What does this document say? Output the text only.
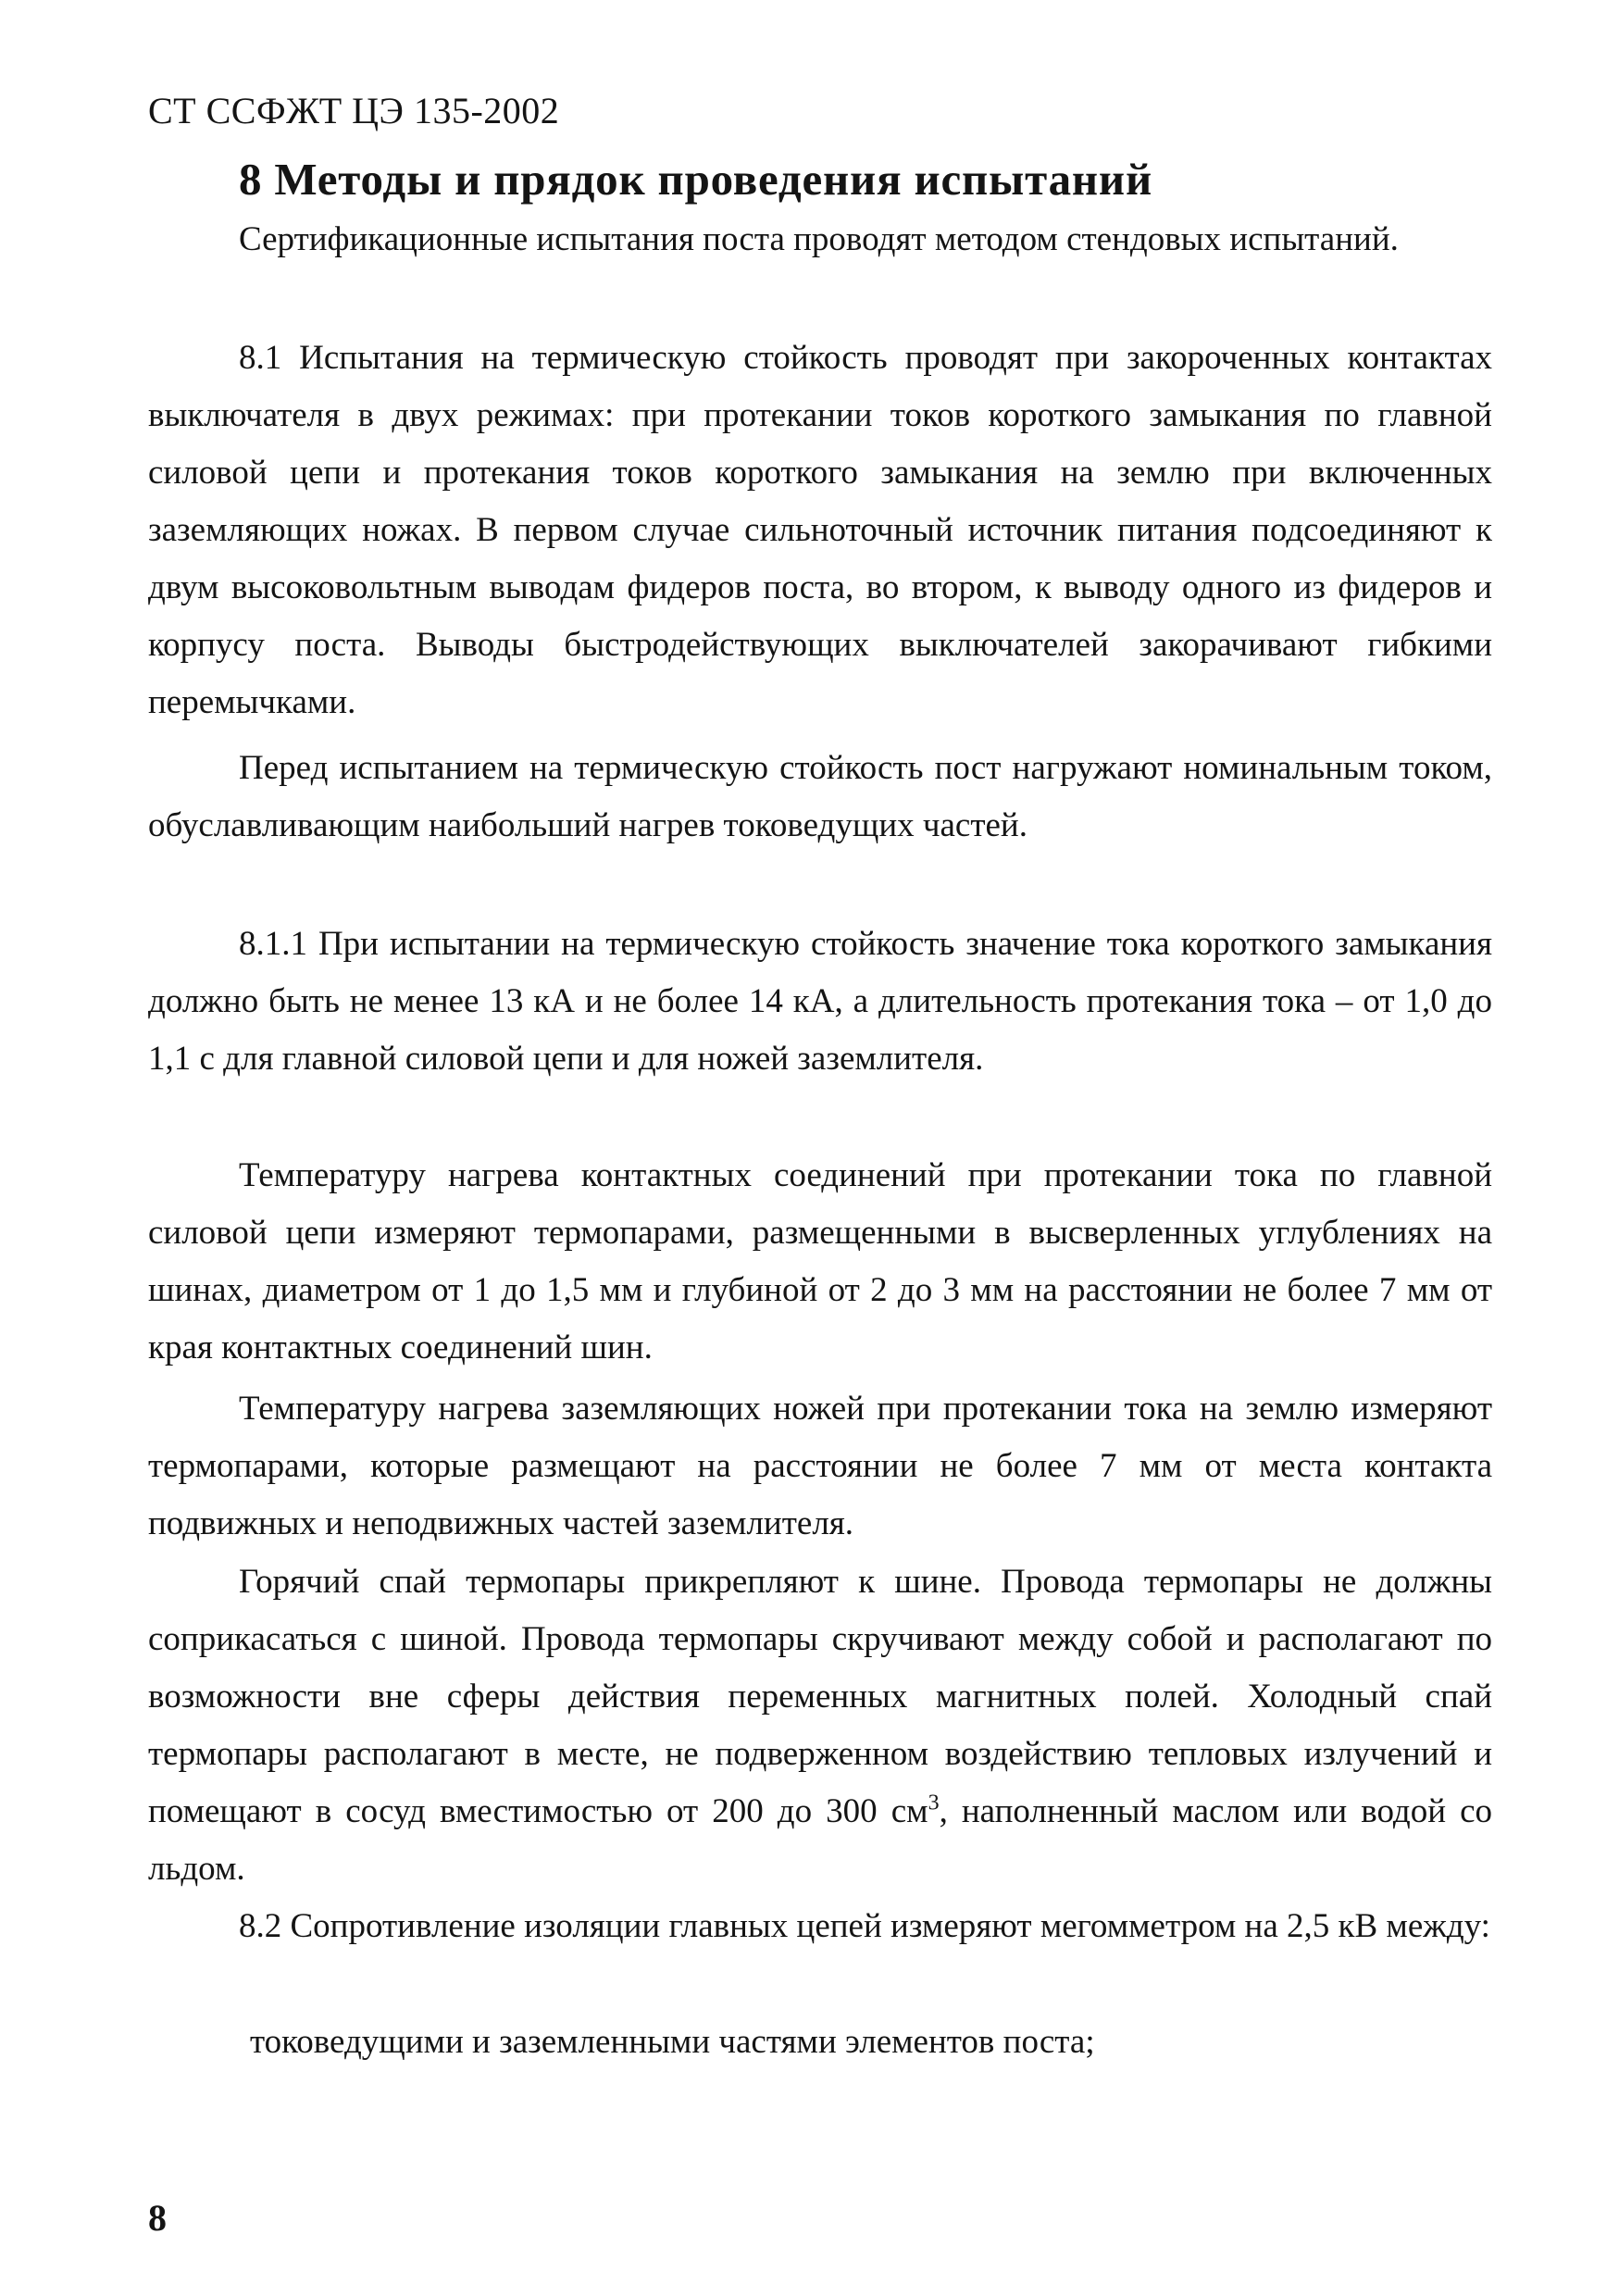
СТ ССФЖТ ЦЭ 135-2002
8 Методы и прядок проведения испытаний

Сертификационные испытания поста проводят методом стендовых испытаний.

8.1 Испытания на термическую стойкость проводят при закороченных контактах выключателя в двух режимах: при протекании токов короткого замыкания по главной силовой цепи и протекания токов короткого замыкания на землю при включенных заземляющих ножах. В первом случае сильноточный источник питания подсоединяют к двум высоковольтным выводам фидеров поста, во втором, к выводу одного из фидеров и корпусу поста. Выводы быстродействующих выключателей закорачивают гибкими перемычками.

Перед испытанием на термическую стойкость пост нагружают номинальным током, обуславливающим наибольший нагрев токоведущих частей.

8.1.1 При испытании на термическую стойкость значение тока короткого замыкания должно быть не менее 13 кА и не более 14 кА, а длительность протекания тока – от 1,0 до 1,1 с для главной силовой цепи и для ножей заземлителя.

Температуру нагрева контактных соединений при протекании тока по главной силовой цепи измеряют термопарами, размещенными в высверленных углублениях на шинах, диаметром от 1 до 1,5 мм и глубиной от 2 до 3 мм на расстоянии не более 7 мм от края контактных соединений шин.

Температуру нагрева заземляющих ножей при протекании тока на землю измеряют термопарами, которые размещают на расстоянии не более 7 мм от места контакта подвижных и неподвижных частей заземлителя.

Горячий спай термопары прикрепляют к шине. Провода термопары не должны соприкасаться с шиной. Провода термопары скручивают между собой и располагают по возможности вне сферы действия переменных магнитных полей. Холодный спай термопары располагают в месте, не подверженном воздействию тепловых излучений и помещают в сосуд вместимостью от 200 до 300 $см^3$, наполненный маслом или водой со льдом.

8.2 Сопротивление изоляции главных цепей измеряют мегомметром на 2,5 кВ между:

токоведущими и заземленными частями элементов поста;

8
